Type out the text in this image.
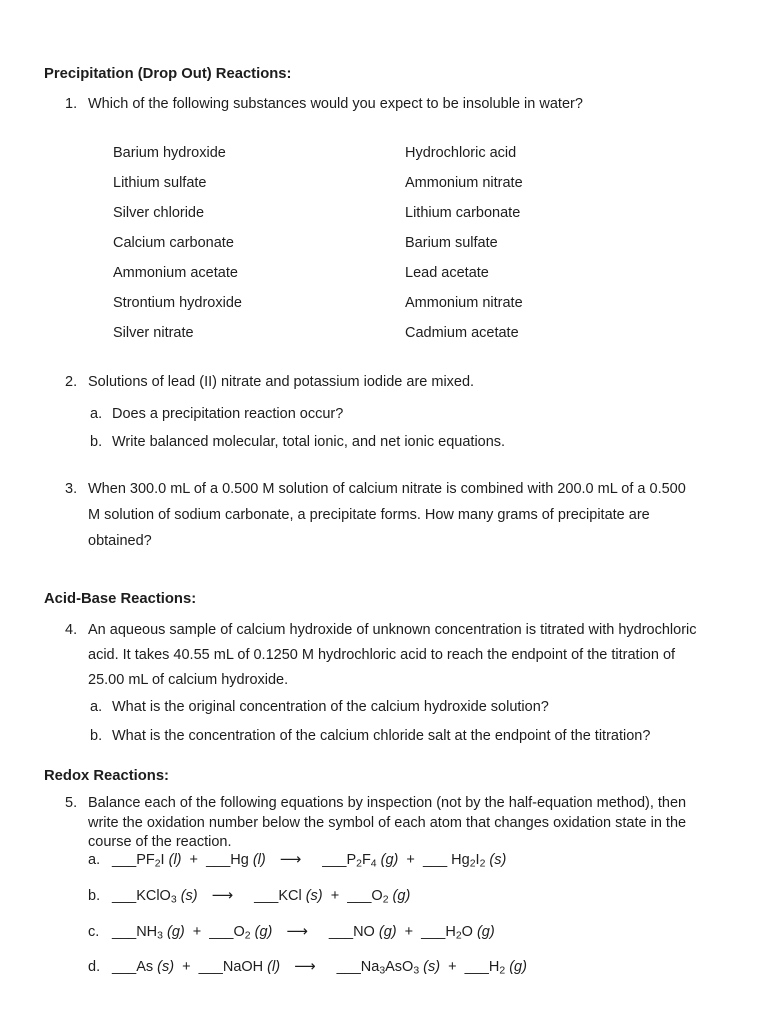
Precipitation (Drop Out) Reactions:
1. Which of the following substances would you expect to be insoluble in water?
Barium hydroxide	Hydrochloric acid
Lithium sulfate	Ammonium nitrate
Silver chloride	Lithium carbonate
Calcium carbonate	Barium sulfate
Ammonium acetate	Lead acetate
Strontium hydroxide	Ammonium nitrate
Silver nitrate	Cadmium acetate
2. Solutions of lead (II) nitrate and potassium iodide are mixed.
a. Does a precipitation reaction occur?
b. Write balanced molecular, total ionic, and net ionic equations.
3. When 300.0 mL of a 0.500 M solution of calcium nitrate is combined with 200.0 mL of a 0.500
M solution of sodium carbonate, a precipitate forms. How many grams of precipitate are
obtained?
Acid-Base Reactions:
4. An aqueous sample of calcium hydroxide of unknown concentration is titrated with hydrochloric
acid. It takes 40.55 mL of 0.1250 M hydrochloric acid to reach the endpoint of the titration of
25.00 mL of calcium hydroxide.
a. What is the original concentration of the calcium hydroxide solution?
b. What is the concentration of the calcium chloride salt at the endpoint of the titration?
Redox Reactions:
5. Balance each of the following equations by inspection (not by the half-equation method), then
write the oxidation number below the symbol of each atom that changes oxidation state in the
course of the reaction.
a. $\_\_\_PF_2I$ (l)  +  ___Hg (l) ⟶ $\_\_\_P_2F_4$ (g)  +  ___ $Hg_2I_2$ (s)
b. ___KClO$_3$ (s) ⟶ ___KCl $(s) + \_\_\_O_2$ (g)
c. $\_\_\_NH_3$ $(g) + \_\_\_O_2$ (g) ⟶ ___NO $(g) + \_\_\_H_2O$ (g)
d. ___As (s)  +  ___NaOH (l) ⟶ $\_\_\_Na_3AsO_3$ $(s) + \_\_\_H_2$ (g)
